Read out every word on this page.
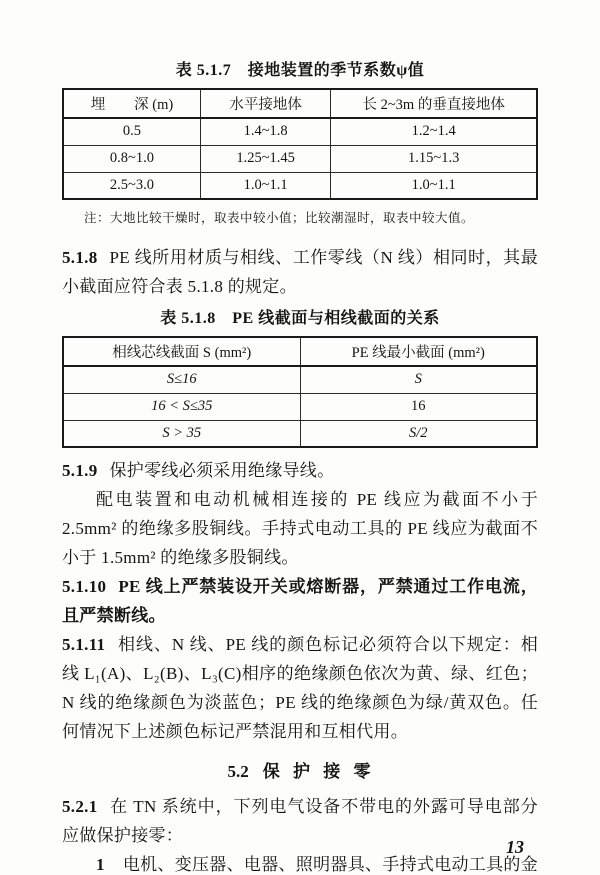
表 5.1.7　接地装置的季节系数ψ值
埋　　深 (m)	水平接地体	长 2~3m 的垂直接地体
0.5	1.4~1.8	1.2~1.4
0.8~1.0	1.25~1.45	1.15~1.3
2.5~3.0	1.0~1.1	1.0~1.1
注：大地比较干燥时，取表中较小值；比较潮湿时，取表中较大值。

5.1.8 PE 线所用材质与相线、工作零线（N 线）相同时，其最小截面应符合表 5.1.8 的规定。

表 5.1.8　PE 线截面与相线截面的关系
相线芯线截面 S (mm²)	PE 线最小截面 (mm²)
S≤16	S
16 < S≤35	16
S > 35	S/2

5.1.9 保护零线必须采用绝缘导线。

配电装置和电动机械相连接的 PE 线应为截面不小于 2.5mm² 的绝缘多股铜线。手持式电动工具的 PE 线应为截面不小于 1.5mm² 的绝缘多股铜线。

5.1.10 PE 线上严禁装设开关或熔断器，严禁通过工作电流，且严禁断线。

5.1.11 相线、N 线、PE 线的颜色标记必须符合以下规定：相线 L₁(A)、L₂(B)、L₃(C)相序的绝缘颜色依次为黄、绿、红色；N 线的绝缘颜色为淡蓝色；PE 线的绝缘颜色为绿/黄双色。任何情况下上述颜色标记严禁混用和互相代用。

5.2 保 护 接 零

5.2.1 在 TN 系统中，下列电气设备不带电的外露可导电部分应做保护接零：

1 电机、变压器、电器、照明器具、手持式电动工具的金

13
